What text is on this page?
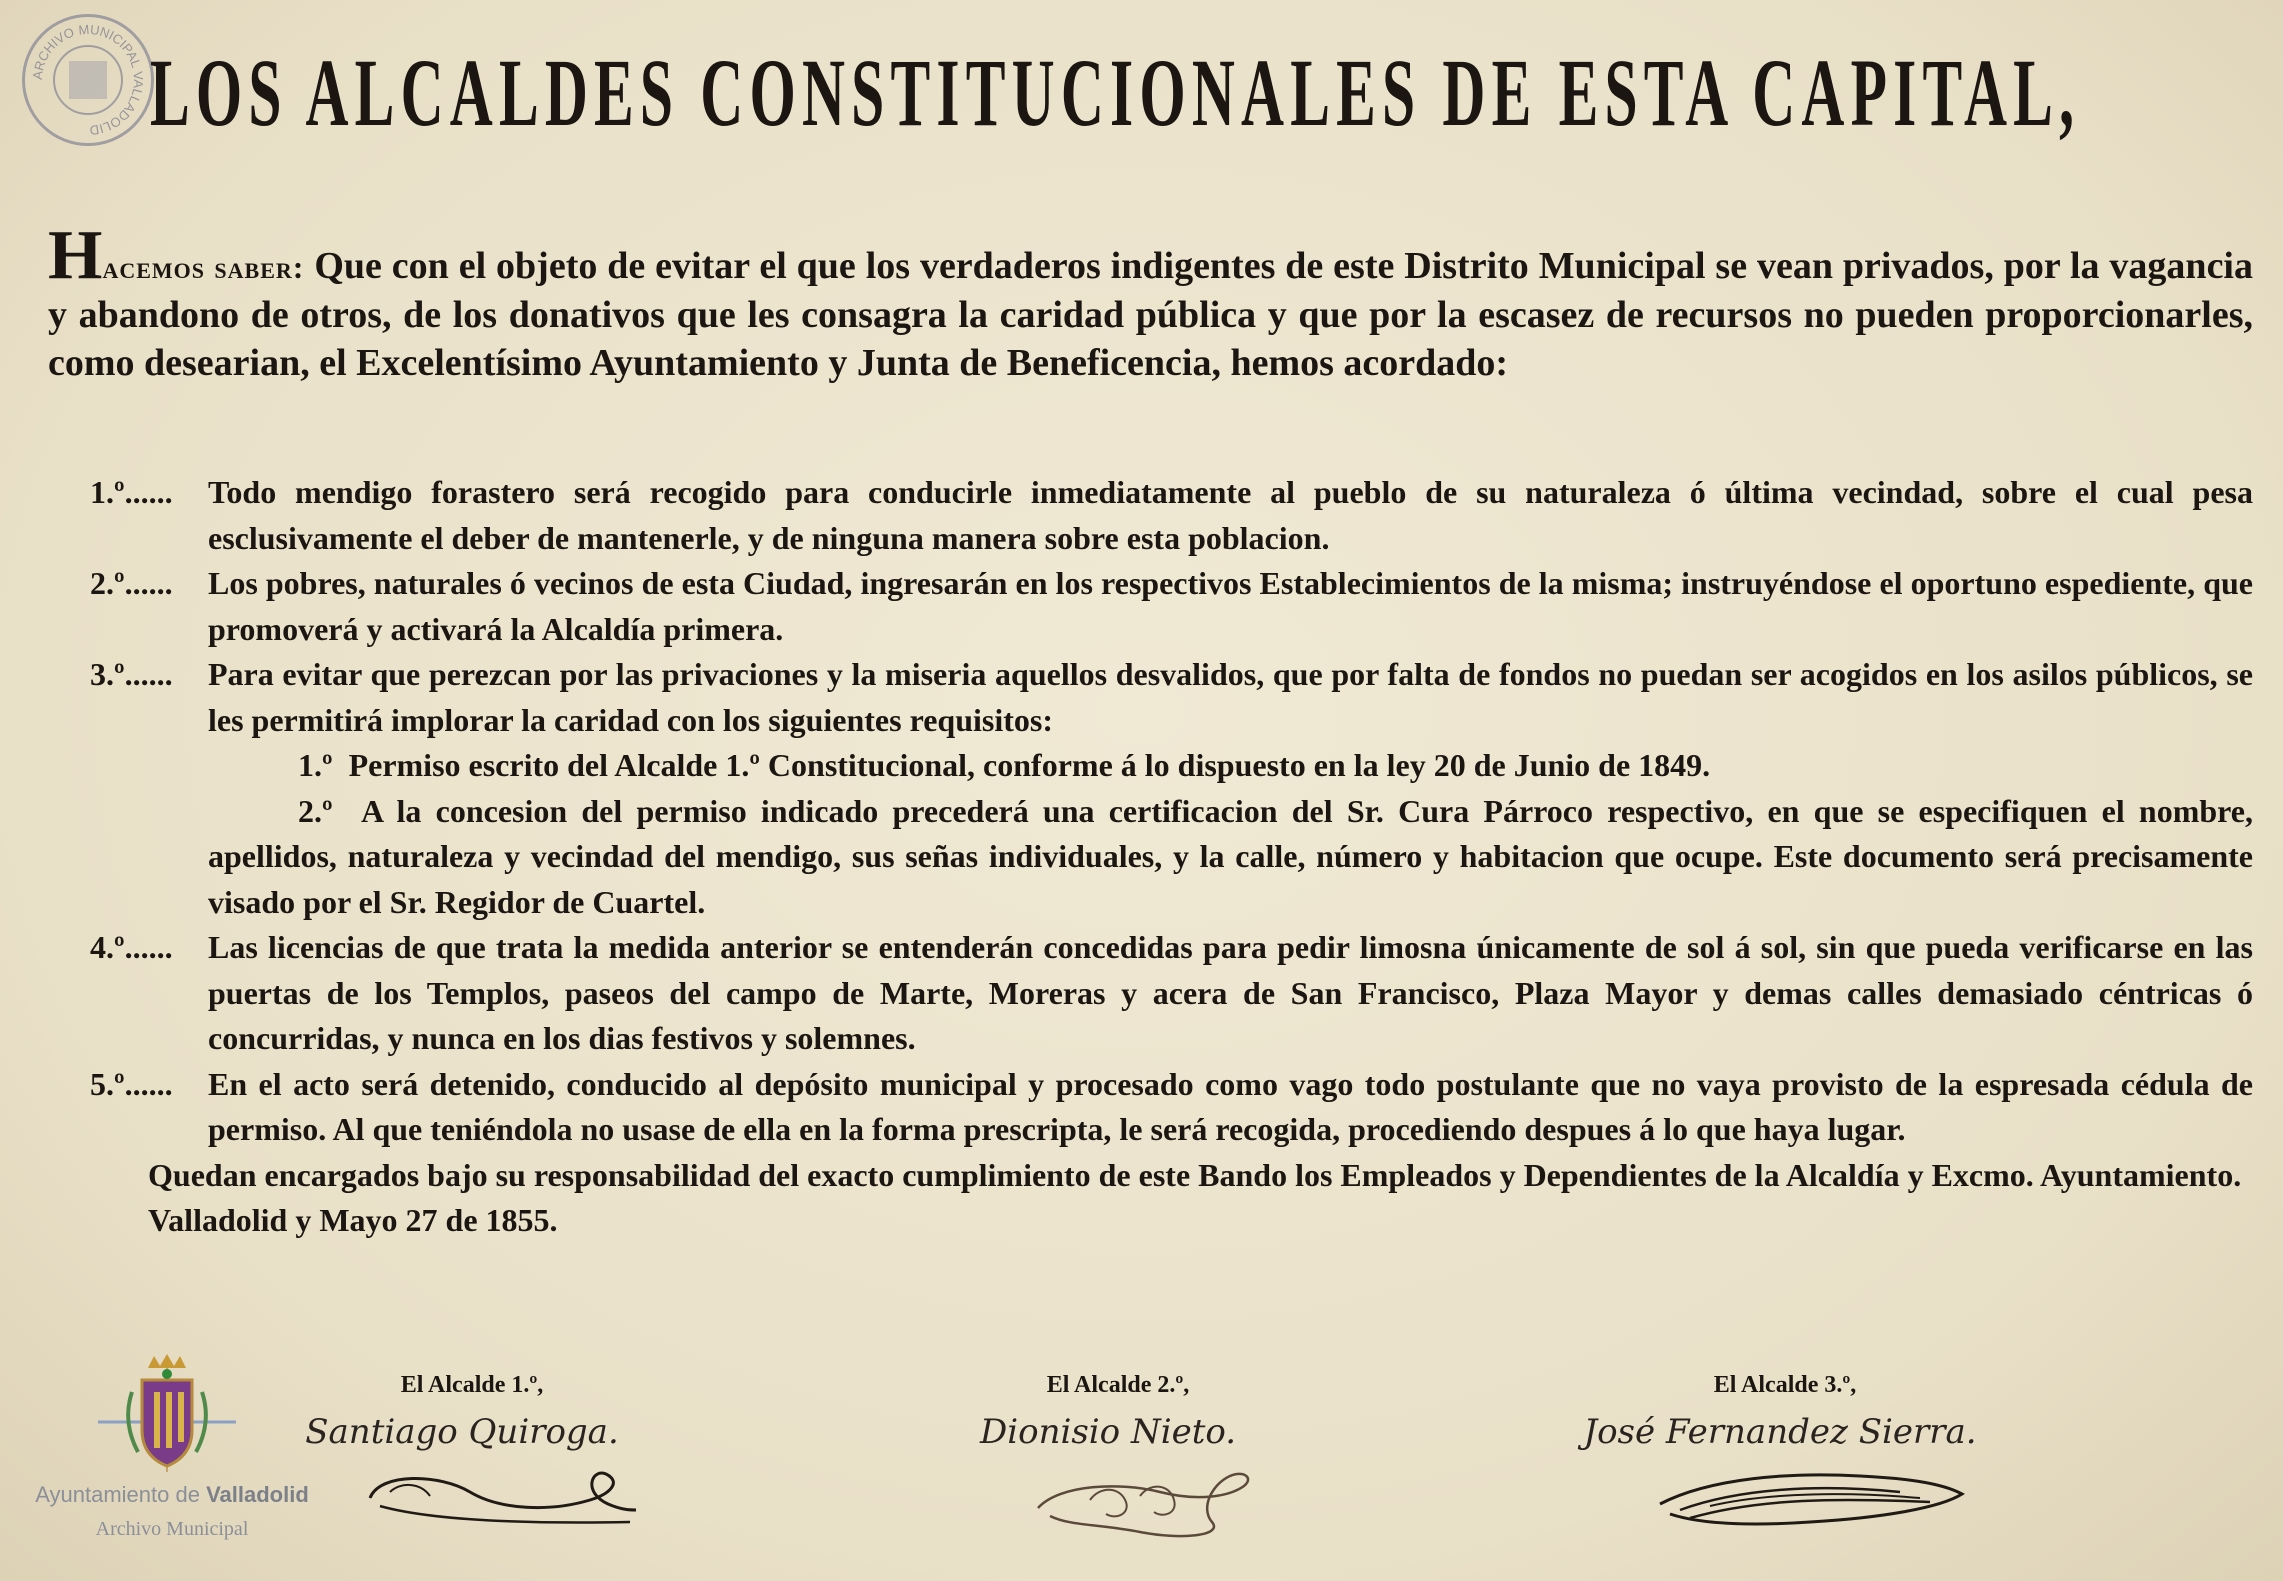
ARCHIVO MUNICIPAL VALLADOLID LOS ALCALDES CONSTITUCIONALES DE ESTA CAPITAL,
Hacemos saber: Que con el objeto de evitar el que los verdaderos indigentes de este Distrito Municipal se vean privados, por la vagancia y abandono de otros, de los donativos que les consagra la caridad pública y que por la escasez de recursos no pueden proporcionarles, como desearian, el Excelentísimo Ayuntamiento y Junta de Beneficencia, hemos acordado:

1.º...... Todo mendigo forastero será recogido para conducirle inmediatamente al pueblo de su naturaleza ó última vecindad, sobre el cual pesa esclusivamente el deber de mantenerle, y de ninguna manera sobre esta poblacion.

2.º...... Los pobres, naturales ó vecinos de esta Ciudad, ingresarán en los respectivos Establecimientos de la misma; instruyéndose el oportuno espediente, que promoverá y activará la Alcaldía primera.

3.º...... Para evitar que perezcan por las privaciones y la miseria aquellos desvalidos, que por falta de fondos no puedan ser acogidos en los asilos públicos, se les permitirá implorar la caridad con los siguientes requisitos:

1.º Permiso escrito del Alcalde 1.º Constitucional, conforme á lo dispuesto en la ley 20 de Junio de 1849.

2.º A la concesion del permiso indicado precederá una certificacion del Sr. Cura Párroco respectivo, en que se especifiquen el nombre, apellidos, naturaleza y vecindad del mendigo, sus señas individuales, y la calle, número y habitacion que ocupe. Este documento será precisamente visado por el Sr. Regidor de Cuartel.

4.º...... Las licencias de que trata la medida anterior se entenderán concedidas para pedir limosna únicamente de sol á sol, sin que pueda verificarse en las puertas de los Templos, paseos del campo de Marte, Moreras y acera de San Francisco, Plaza Mayor y demas calles demasiado céntricas ó concurridas, y nunca en los dias festivos y solemnes.

5.º...... En el acto será detenido, conducido al depósito municipal y procesado como vago todo postulante que no vaya provisto de la espresada cédula de permiso. Al que teniéndola no usase de ella en la forma prescripta, le será recogida, procediendo despues á lo que haya lugar.

Quedan encargados bajo su responsabilidad del exacto cumplimiento de este Bando los Empleados y Dependientes de la Alcaldía y Excmo. Ayuntamiento.

Valladolid y Mayo 27 de 1855.

Ayuntamiento de Valladolid
Archivo Municipal
El Alcalde 1.º,
Santiago Quiroga.
El Alcalde 2.º,
Dionisio Nieto.
El Alcalde 3.º,
José Fernandez Sierra.
